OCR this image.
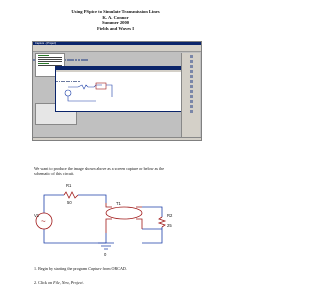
Using PSpice to Simulate Transmission Lines
K. A. Connor
Summer 2000
Fields and Waves I
Capture - [Project]
We want to produce the image shown above as a screen capture or below as the
schematic of this circuit.
~
R1
50	T1
V1	R2
25
0
1. Begin by starting the program Capture from ORCAD.
2. Click on File, New, Project.
